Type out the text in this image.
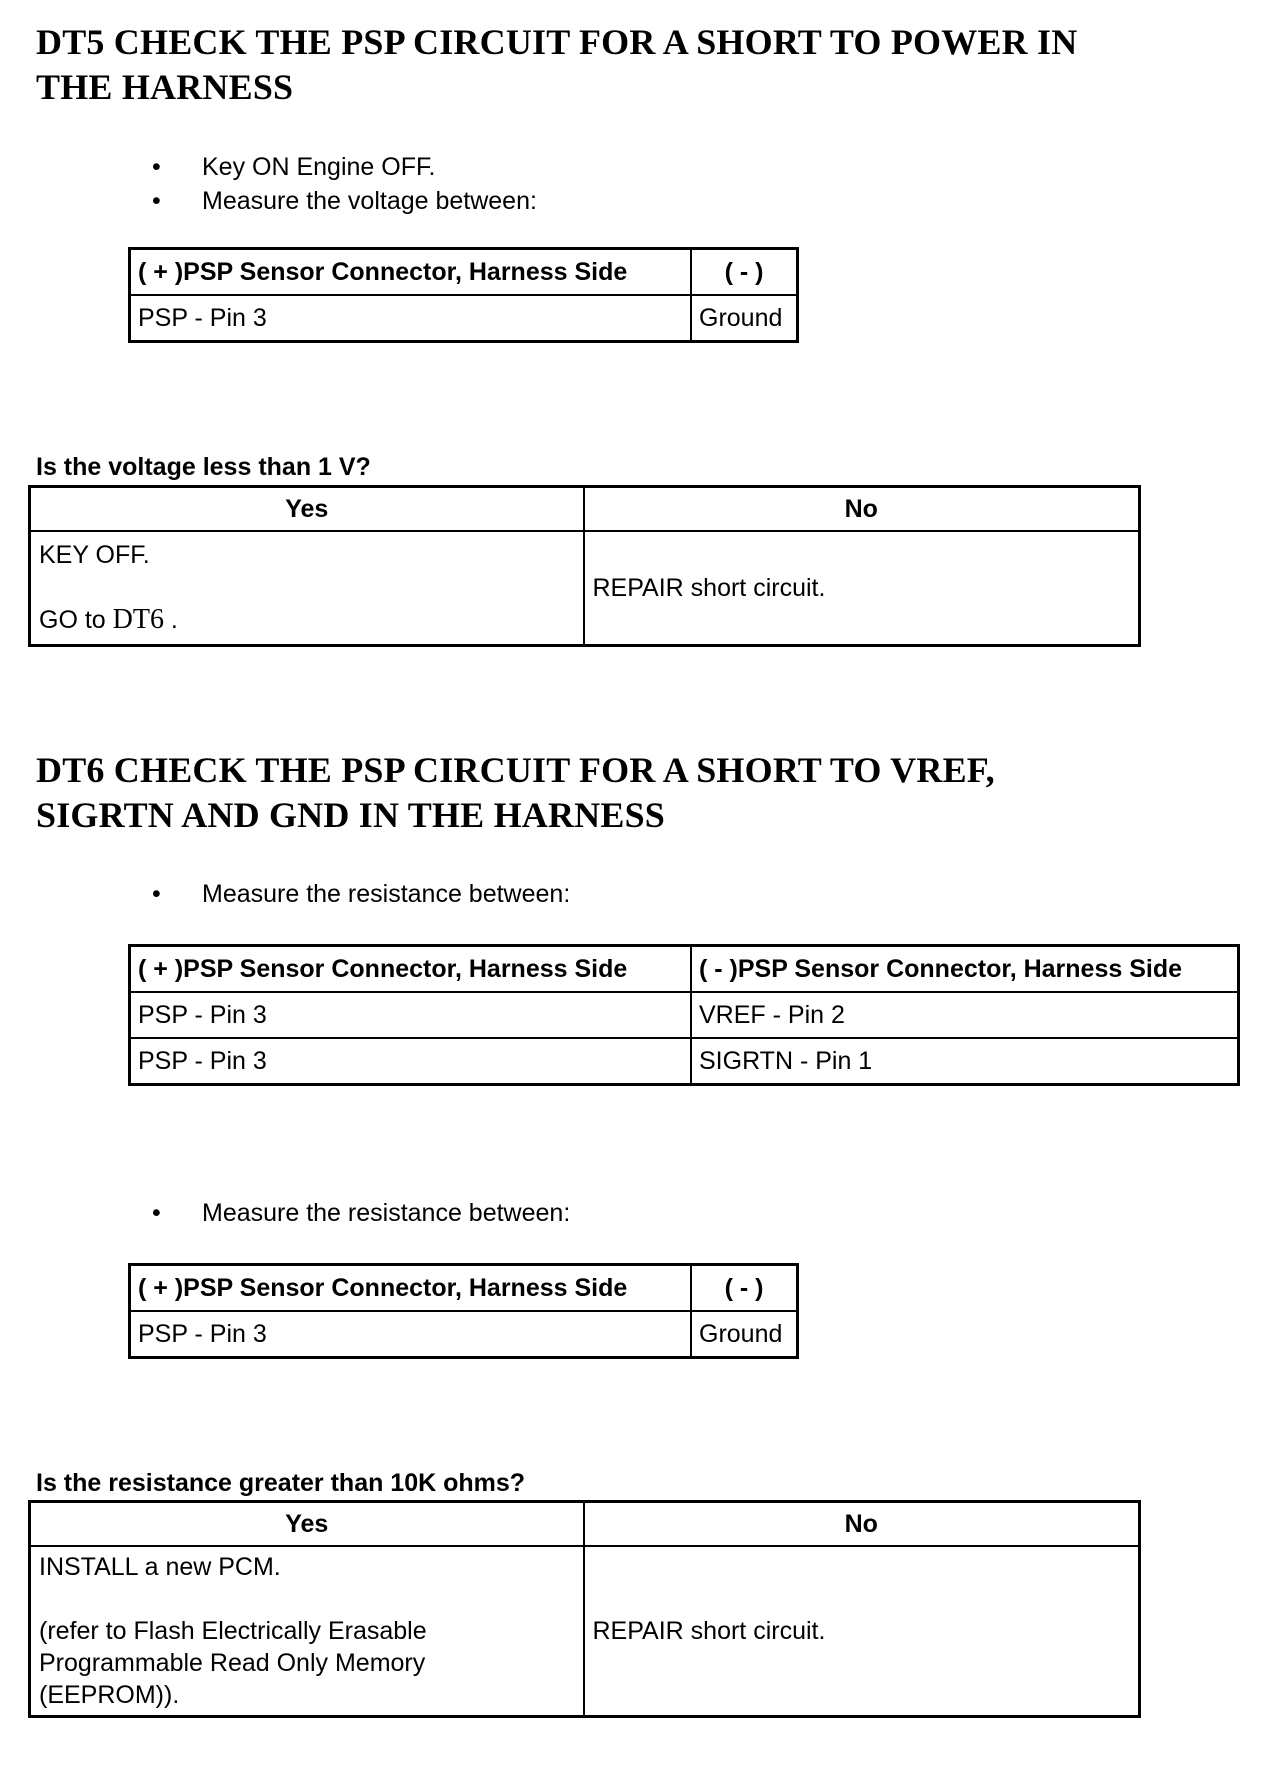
DT5 CHECK THE PSP CIRCUIT FOR A SHORT TO POWER IN

THE HARNESS

• Key ON Engine OFF.
• Measure the voltage between:
( + )PSP Sensor Connector, Harness Side	( - )
PSP - Pin 3	Ground
Is the voltage less than 1 V?
Yes	No

KEY OFF.
GO to DT6 .	REPAIR short circuit.

DT6 CHECK THE PSP CIRCUIT FOR A SHORT TO VREF,

SIGRTN AND GND IN THE HARNESS

• Measure the resistance between:
( + )PSP Sensor Connector, Harness Side	( - )PSP Sensor Connector, Harness Side
PSP - Pin 3	VREF - Pin 2
PSP - Pin 3	SIGRTN - Pin 1
• Measure the resistance between:
( + )PSP Sensor Connector, Harness Side	( - )
PSP - Pin 3	Ground
Is the resistance greater than 10K ohms?
Yes	No

INSTALL a new PCM.
(refer to Flash Electrically Erasable
Programmable Read Only Memory
(EEPROM)).	REPAIR short circuit.
